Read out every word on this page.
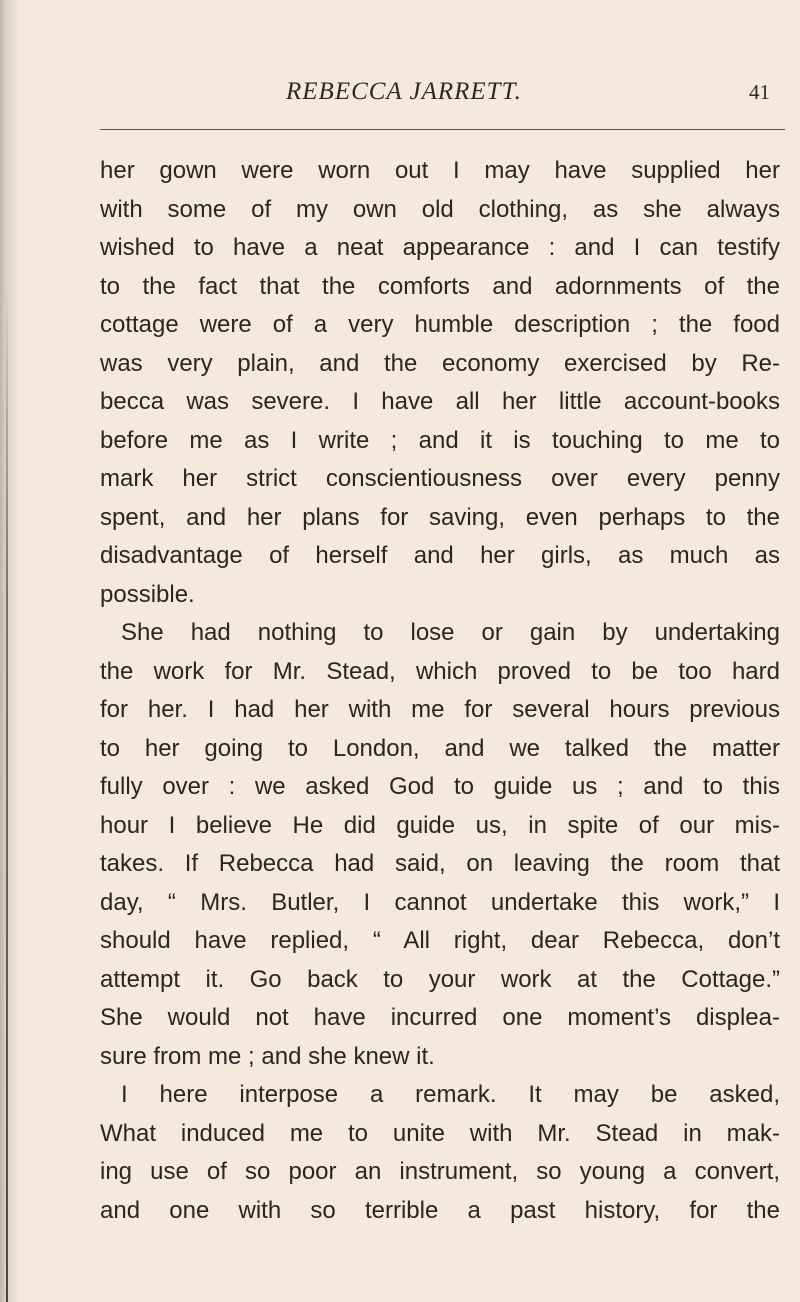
REBECCA JARRETT.	41
her gown were worn out I may have supplied her
with some of my own old clothing, as she always
wished to have a neat appearance : and I can testify
to the fact that the comforts and adornments of the
cottage were of a very humble description ; the food
was very plain, and the economy exercised by Re-
becca was severe. I have all her little account-books
before me as I write ; and it is touching to me to
mark her strict conscientiousness over every penny
spent, and her plans for saving, even perhaps to the
disadvantage of herself and her girls, as much as
possible.
She had nothing to lose or gain by undertaking
the work for Mr. Stead, which proved to be too hard
for her. I had her with me for several hours previous
to her going to London, and we talked the matter
fully over : we asked God to guide us ; and to this
hour I believe He did guide us, in spite of our mis-
takes. If Rebecca had said, on leaving the room that
day, “ Mrs. Butler, I cannot undertake this work,” I
should have replied, “ All right, dear Rebecca, don’t
attempt it. Go back to your work at the Cottage.”
She would not have incurred one moment’s displea-
sure from me ; and she knew it.
I here interpose a remark. It may be asked,
What induced me to unite with Mr. Stead in mak-
ing use of so poor an instrument, so young a convert,
and one with so terrible a past history, for the
